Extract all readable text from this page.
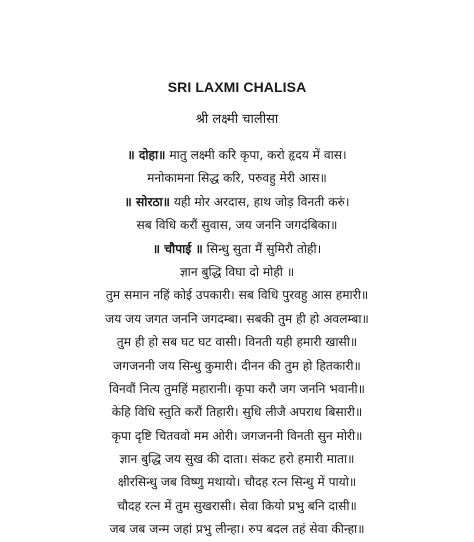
SRI LAXMI CHALISA
श्री लक्ष्मी चालीसा
॥ दोहा॥ मातु लक्ष्मी करि कृपा, करो हृदय में वास।
मनोकामना सिद्ध करि, परुवहु मेरी आस॥
॥ सोरठा॥ यही मोर अरदास, हाथ जोड़ विनती करुं।
सब विधि करौं सुवास, जय जननि जगदंबिका॥
॥ चौपाई ॥ सिन्धु सुता मैं सुमिरौ तोही।
ज्ञान बुद्धि विघा दो मोही ॥
तुम समान नहिं कोई उपकारी। सब विधि पुरवहु आस हमारी॥
जय जय जगत जननि जगदम्बा। सबकी तुम ही हो अवलम्बा॥
तुम ही हो सब घट घट वासी। विनती यही हमारी खासी॥
जगजननी जय सिन्धु कुमारी। दीनन की तुम हो हितकारी॥
विनवौं नित्य तुमहिं महारानी। कृपा करौ जग जननि भवानी॥
केहि विधि स्तुति करौं तिहारी। सुधि लीजै अपराध बिसारी॥
कृपा दृष्टि चितववो मम ओरी। जगजननी विनती सुन मोरी॥
ज्ञान बुद्धि जय सुख की दाता। संकट हरो हमारी माता॥
क्षीरसिन्धु जब विष्णु मथायो। चौदह रत्न सिन्धु में पायो॥
चौदह रत्न में तुम सुखरासी। सेवा कियो प्रभु बनि दासी॥
जब जब जन्म जहां प्रभु लीन्हा। रुप बदल तहं सेवा कीन्हा॥
